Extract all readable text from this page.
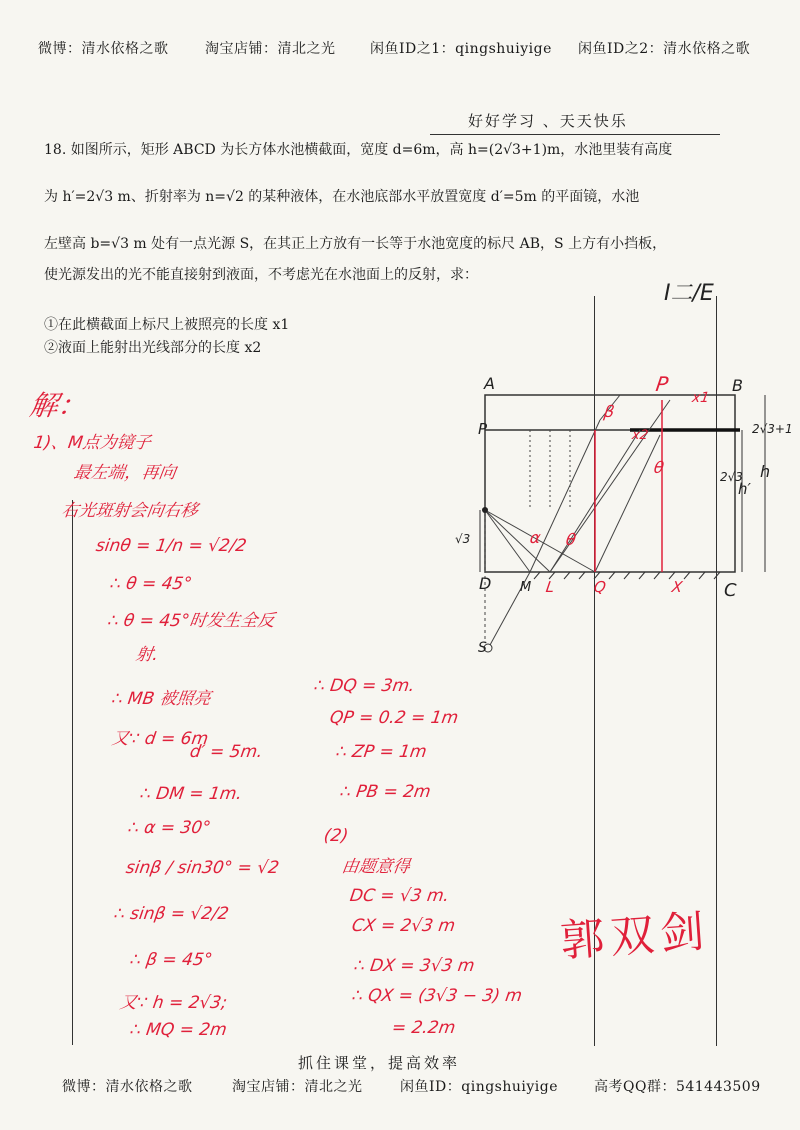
微博：清水依格之歌	淘宝店铺：清北之光 闲鱼ID之1：qingshuiyige 闲鱼ID之2：清水依格之歌
好好学习 、天天快乐
18. 如图所示，矩形 ABCD 为长方体水池横截面，宽度 d=6m，高 h=(2√3+1)m，水池里装有高度
为 h′=2√3 m、折射率为 n=√2 的某种液体，在水池底部水平放置宽度 d′=5m 的平面镜，水池
左壁高 b=√3 m 处有一点光源 S，在其正上方放有一长等于水池宽度的标尺 AB，S 上方有小挡板，
使光源发出的光不能直接射到液面，不考虑光在水池面上的反射，求：
①在此横截面上标尺上被照亮的长度 x1
②液面上能射出光线部分的长度 x2
I二/E
A	B
P
D	C
M
S
2√3+1
h
2√3
h′
√3
P
x1
x2
β
α θ
θ
L Q	X
解：
1)、M点为镜子
最左端，再向
右光斑射会向右移
sinθ = 1/n = √2/2
∴ θ = 45°
∴ θ = 45°时发生全反
射.
∴ MB 被照亮
又∵ d = 6m
d′ = 5m.
∴ DM = 1m.
∴ α = 30°
sinβ / sin30° = √2
∴ sinβ = √2/2
∴ β = 45°
又∵ h = 2√3;
∴ MQ = 2m
∴ DQ = 3m.
QP = 0.2 = 1m
∴ ZP = 1m
∴ PB = 2m
(2)
由题意得
DC = √3 m.
CX = 2√3 m
∴ DX = 3√3 m
∴ QX = (3√3 − 3) m
= 2.2m
郭双剑
抓住课堂，提高效率
微博：清水依格之歌	淘宝店铺：清北之光	闲鱼ID：qingshuiyige	高考QQ群：541443509
